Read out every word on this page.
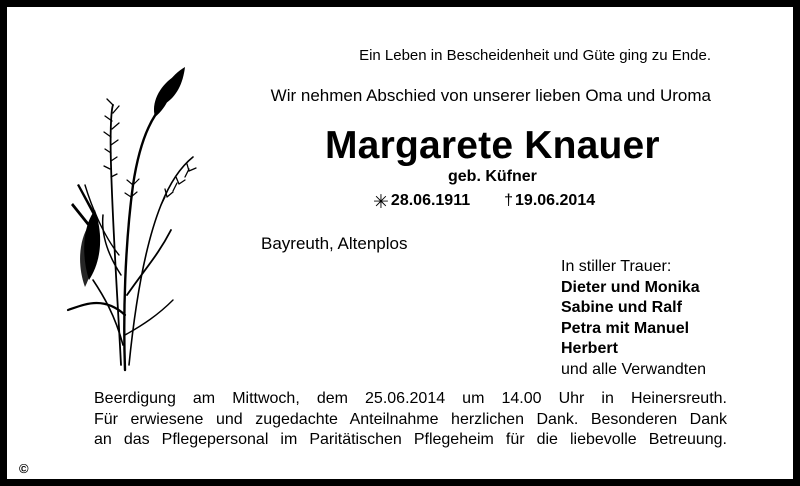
Ein Leben in Bescheidenheit und Güte ging zu Ende.
Wir nehmen Abschied von unserer lieben Oma und Uroma
Margarete Knauer
geb. Küfner
✳ 28.06.1911 † 19.06.2014
Bayreuth, Altenplos
In stiller Trauer:
Dieter und Monika
Sabine und Ralf
Petra mit Manuel
Herbert
und alle Verwandten
Beerdigung am Mittwoch, dem 25.06.2014 um 14.00 Uhr in Heinersreuth.
Für erwiesene und zugedachte Anteilnahme herzlichen Dank. Besonderen Dank
an das Pflegepersonal im Paritätischen Pflegeheim für die liebevolle Betreuung.
©
